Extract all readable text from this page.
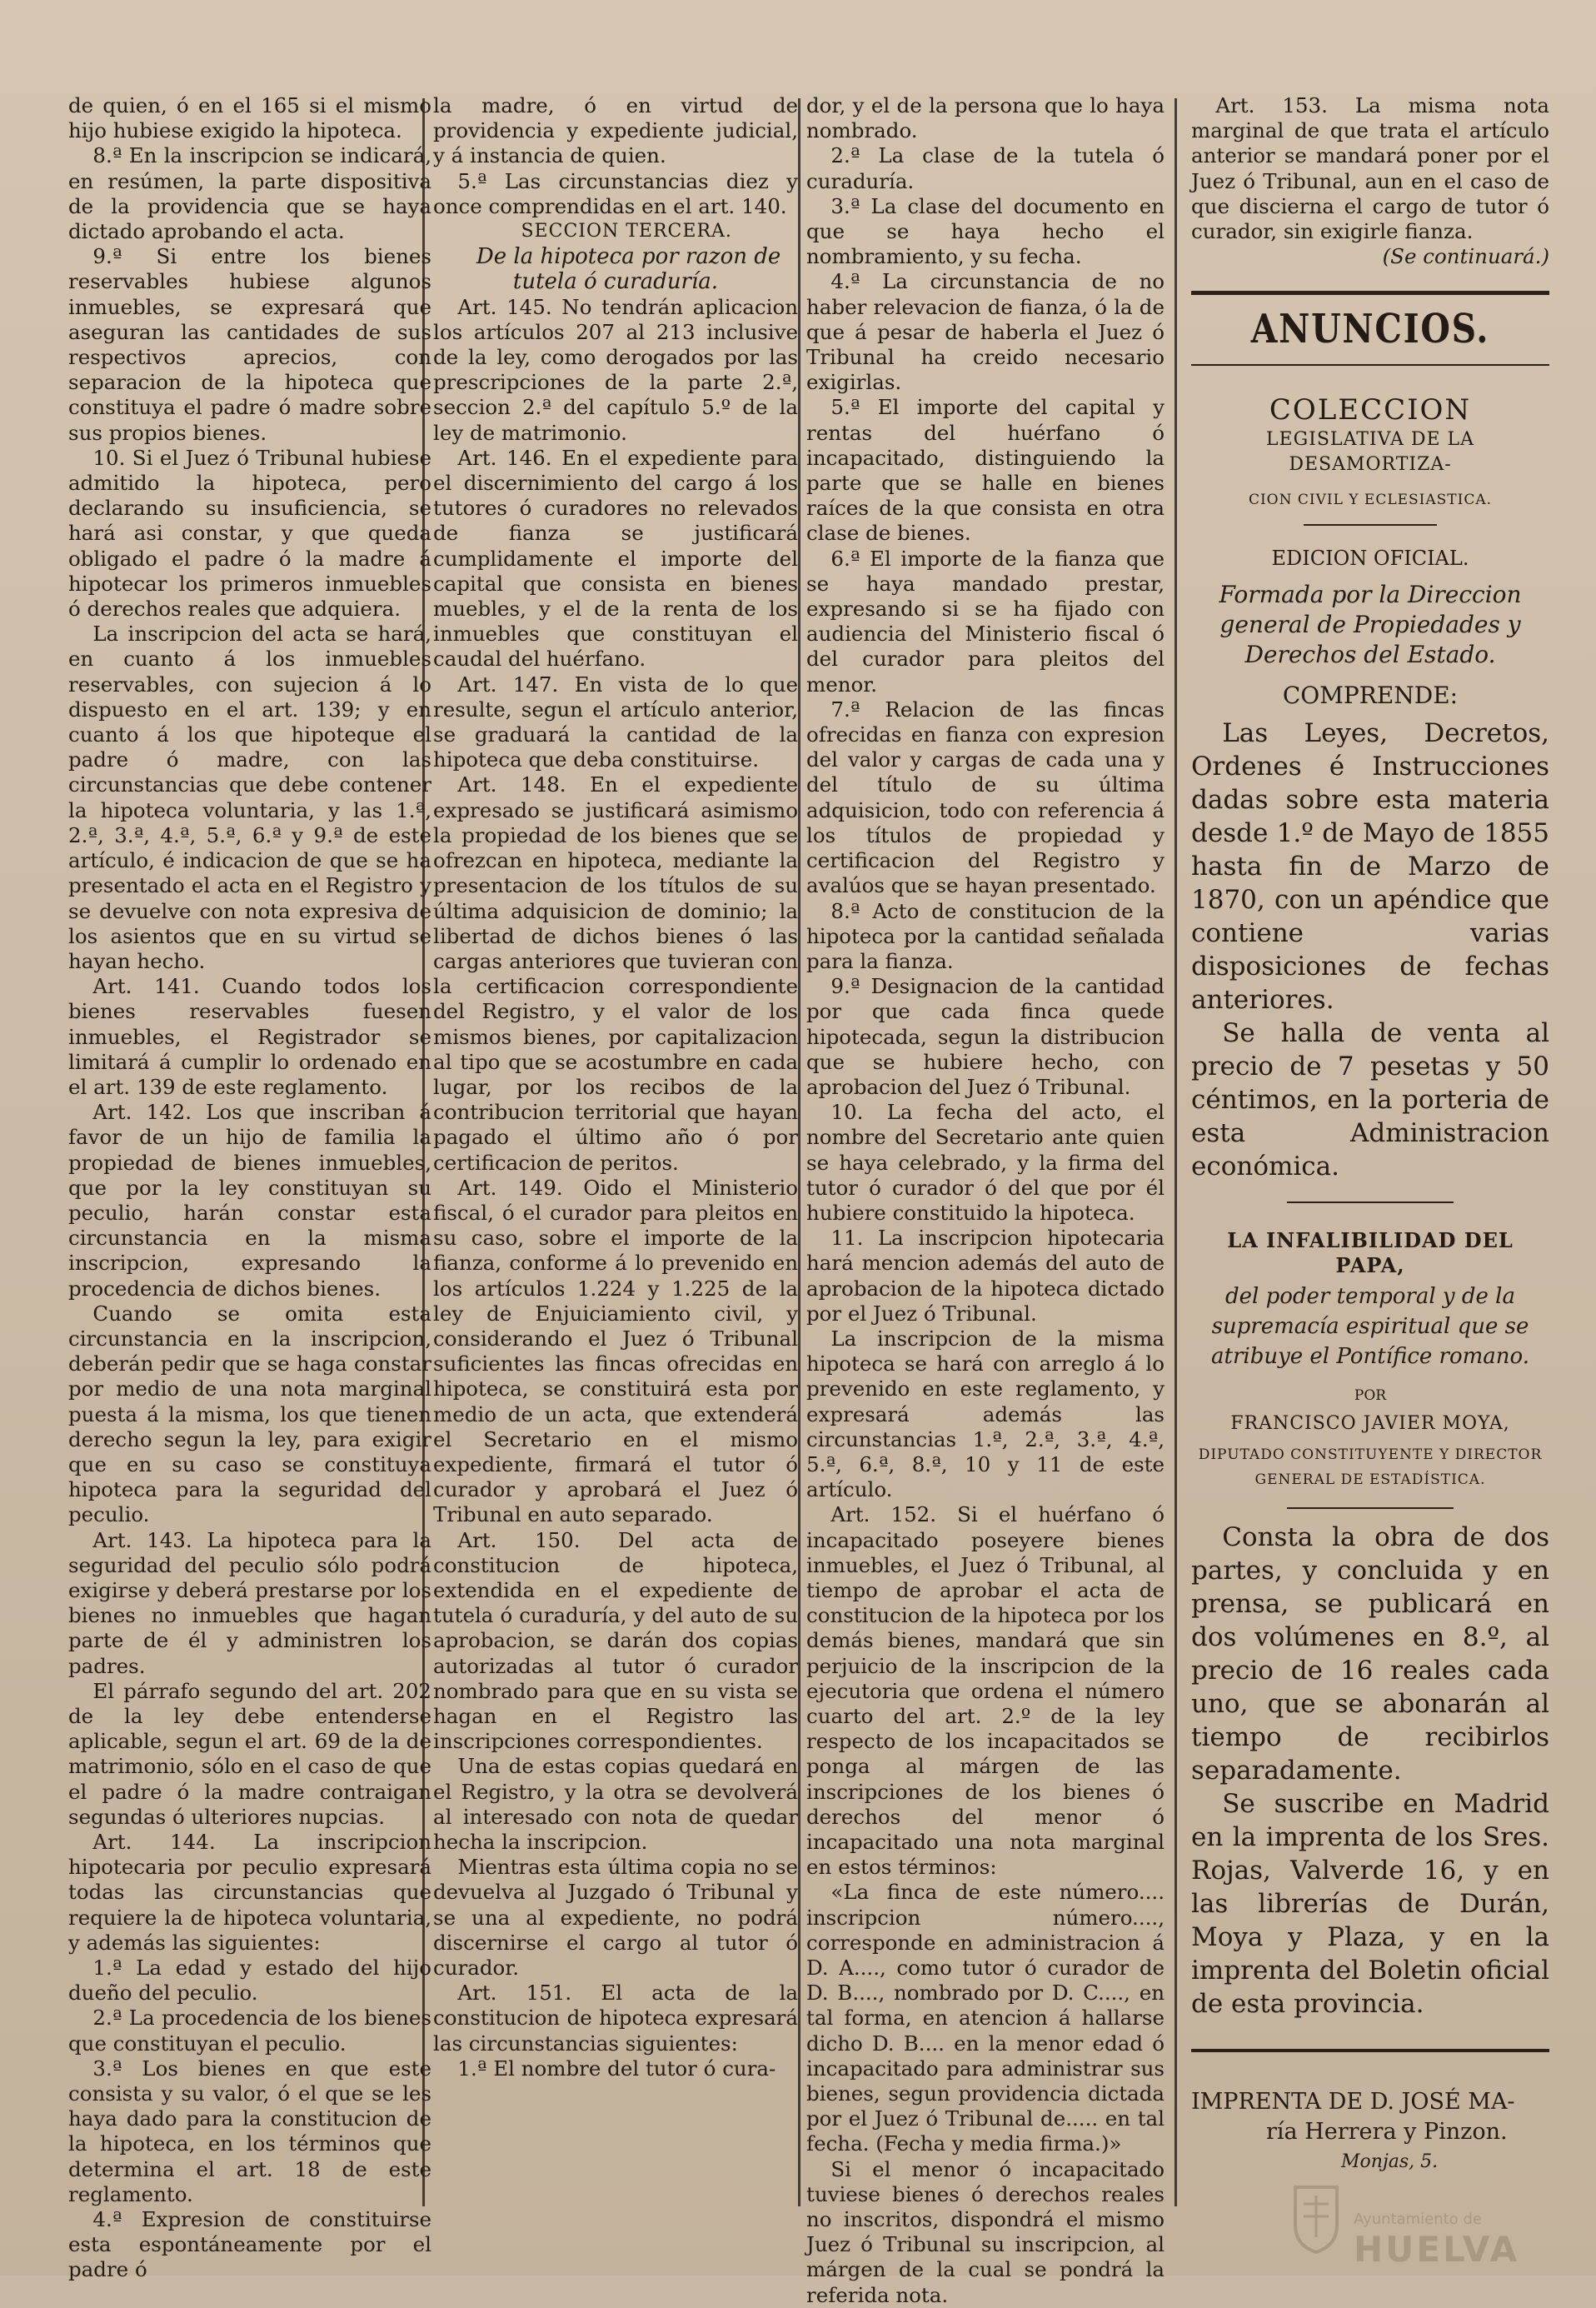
de quien, ó en el 165 si el mismo hijo hubiese exigido la hipoteca.

8.ª En la inscripcion se indicará, en resúmen, la parte dispositiva de la providencia que se haya dictado aprobando el acta.

9.ª Si entre los bienes reservables hubiese algunos inmuebles, se expresará que aseguran las cantidades de sus respectivos aprecios, con separacion de la hipoteca que constituya el padre ó madre sobre sus propios bienes.

10. Si el Juez ó Tribunal hubiese admitido la hipoteca, pero declarando su insuficiencia, se hará asi constar, y que queda obligado el padre ó la madre á hipotecar los primeros inmuebles ó derechos reales que adquiera.

La inscripcion del acta se hará, en cuanto á los inmuebles reservables, con sujecion á lo dispuesto en el art. 139; y en cuanto á los que hipoteque el padre ó madre, con las circunstancias que debe contener la hipoteca voluntaria, y las 1.ª, 2.ª, 3.ª, 4.ª, 5.ª, 6.ª y 9.ª de este artículo, é indicacion de que se ha presentado el acta en el Registro y se devuelve con nota expresiva de los asientos que en su virtud se hayan hecho.

Art. 141. Cuando todos los bienes reservables fuesen inmuebles, el Registrador se limitará á cumplir lo ordenado en el art. 139 de este reglamento.

Art. 142. Los que inscriban á favor de un hijo de familia la propiedad de bienes inmuebles, que por la ley constituyan su peculio, harán constar esta circunstancia en la misma inscripcion, expresando la procedencia de dichos bienes.

Cuando se omita esta circunstancia en la inscripcion, deberán pedir que se haga constar por medio de una nota marginal puesta á la misma, los que tienen derecho segun la ley, para exigir que en su caso se constituya hipoteca para la seguridad del peculio.

Art. 143. La hipoteca para la seguridad del peculio sólo podrá exigirse y deberá prestarse por los bienes no inmuebles que hagan parte de él y administren los padres.

El párrafo segundo del art. 202 de la ley debe entenderse aplicable, segun el art. 69 de la de matrimonio, sólo en el caso de que el padre ó la madre contraigan segundas ó ulteriores nupcias.

Art. 144. La inscripcion hipotecaria por peculio expresará todas las circunstancias que requiere la de hipoteca voluntaria, y además las siguientes:

1.ª La edad y estado del hijo dueño del peculio.

2.ª La procedencia de los bienes que constituyan el peculio.

3.ª Los bienes en que este consista y su valor, ó el que se les haya dado para la constitucion de la hipoteca, en los términos que determina el art. 18 de este reglamento.

4.ª Expresion de constituirse esta espontáneamente por el padre ó

la madre, ó en virtud de providencia y expediente judicial, y á instancia de quien.

5.ª Las circunstancias diez y once comprendidas en el art. 140.

SECCION TERCERA.

De la hipoteca por razon de tutela ó curaduría.

Art. 145. No tendrán aplicacion los artículos 207 al 213 inclusive de la ley, como derogados por las prescripciones de la parte 2.ª, seccion 2.ª del capítulo 5.º de la ley de matrimonio.

Art. 146. En el expediente para el discernimiento del cargo á los tutores ó curadores no relevados de fianza se justificará cumplidamente el importe del capital que consista en bienes muebles, y el de la renta de los inmuebles que constituyan el caudal del huérfano.

Art. 147. En vista de lo que resulte, segun el artículo anterior, se graduará la cantidad de la hipoteca que deba constituirse.

Art. 148. En el expediente expresado se justificará asimismo la propiedad de los bienes que se ofrezcan en hipoteca, mediante la presentacion de los títulos de su última adquisicion de dominio; la libertad de dichos bienes ó las cargas anteriores que tuvieran con la certificacion correspondiente del Registro, y el valor de los mismos bienes, por capitalizacion al tipo que se acostumbre en cada lugar, por los recibos de la contribucion territorial que hayan pagado el último año ó por certificacion de peritos.

Art. 149. Oido el Ministerio fiscal, ó el curador para pleitos en su caso, sobre el importe de la fianza, conforme á lo prevenido en los artículos 1.224 y 1.225 de la ley de Enjuiciamiento civil, y considerando el Juez ó Tribunal suficientes las fincas ofrecidas en hipoteca, se constituirá esta por medio de un acta, que extenderá el Secretario en el mismo expediente, firmará el tutor ó curador y aprobará el Juez ó Tribunal en auto separado.

Art. 150. Del acta de constitucion de hipoteca, extendida en el expediente de tutela ó curaduría, y del auto de su aprobacion, se darán dos copias autorizadas al tutor ó curador nombrado para que en su vista se hagan en el Registro las inscripciones correspondientes.

Una de estas copias quedará en el Registro, y la otra se devolverá al interesado con nota de quedar hecha la inscripcion.

Mientras esta última copia no se devuelva al Juzgado ó Tribunal y se una al expediente, no podrá discernirse el cargo al tutor ó curador.

Art. 151. El acta de la constitucion de hipoteca expresará las circunstancias siguientes:

1.ª El nombre del tutor ó cura-

dor, y el de la persona que lo haya nombrado.

2.ª La clase de la tutela ó curaduría.

3.ª La clase del documento en que se haya hecho el nombramiento, y su fecha.

4.ª La circunstancia de no haber relevacion de fianza, ó la de que á pesar de haberla el Juez ó Tribunal ha creido necesario exigirlas.

5.ª El importe del capital y rentas del huérfano ó incapacitado, distinguiendo la parte que se halle en bienes raíces de la que consista en otra clase de bienes.

6.ª El importe de la fianza que se haya mandado prestar, expresando si se ha fijado con audiencia del Ministerio fiscal ó del curador para pleitos del menor.

7.ª Relacion de las fincas ofrecidas en fianza con expresion del valor y cargas de cada una y del título de su última adquisicion, todo con referencia á los títulos de propiedad y certificacion del Registro y avalúos que se hayan presentado.

8.ª Acto de constitucion de la hipoteca por la cantidad señalada para la fianza.

9.ª Designacion de la cantidad por que cada finca quede hipotecada, segun la distribucion que se hubiere hecho, con aprobacion del Juez ó Tribunal.

10. La fecha del acto, el nombre del Secretario ante quien se haya celebrado, y la firma del tutor ó curador ó del que por él hubiere constituido la hipoteca.

11. La inscripcion hipotecaria hará mencion además del auto de aprobacion de la hipoteca dictado por el Juez ó Tribunal.

La inscripcion de la misma hipoteca se hará con arreglo á lo prevenido en este reglamento, y expresará además las circunstancias 1.ª, 2.ª, 3.ª, 4.ª, 5.ª, 6.ª, 8.ª, 10 y 11 de este artículo.

Art. 152. Si el huérfano ó incapacitado poseyere bienes inmuebles, el Juez ó Tribunal, al tiempo de aprobar el acta de constitucion de la hipoteca por los demás bienes, mandará que sin perjuicio de la inscripcion de la ejecutoria que ordena el número cuarto del art. 2.º de la ley respecto de los incapacitados se ponga al márgen de las inscripciones de los bienes ó derechos del menor ó incapacitado una nota marginal en estos términos:

«La finca de este número.... inscripcion número...., corresponde en administracion á D. A...., como tutor ó curador de D. B...., nombrado por D. C...., en tal forma, en atencion á hallarse dicho D. B.... en la menor edad ó incapacitado para administrar sus bienes, segun providencia dictada por el Juez ó Tribunal de..... en tal fecha. (Fecha y media firma.)»

Si el menor ó incapacitado tuviese bienes ó derechos reales no inscritos, dispondrá el mismo Juez ó Tribunal su inscripcion, al márgen de la cual se pondrá la referida nota.

Art. 153. La misma nota marginal de que trata el artículo anterior se mandará poner por el Juez ó Tribunal, aun en el caso de que discierna el cargo de tutor ó curador, sin exigirle fianza.

(Se continuará.)

ANUNCIOS.
COLECCION
LEGISLATIVA DE LA DESAMORTIZA-
CION CIVIL Y ECLESIASTICA.
EDICION OFICIAL.
Formada por la Direccion general de Propiedades y Derechos del Estado.
COMPRENDE:

Las Leyes, Decretos, Ordenes é Instrucciones dadas sobre esta materia desde 1.º de Mayo de 1855 hasta fin de Marzo de 1870, con un apéndice que contiene varias disposiciones de fechas anteriores.

Se halla de venta al precio de 7 pesetas y 50 céntimos, en la porteria de esta Administracion económica.

LA INFALIBILIDAD DEL PAPA,
del poder temporal y de la supremacía espiritual que se atribuye el Pontífice romano.
POR
FRANCISCO JAVIER MOYA,
DIPUTADO CONSTITUYENTE Y DIRECTOR GENERAL DE ESTADÍSTICA.

Consta la obra de dos partes, y concluida y en prensa, se publicará en dos volúmenes en 8.º, al precio de 16 reales cada uno, que se abonarán al tiempo de recibirlos separadamente.

Se suscribe en Madrid en la imprenta de los Sres. Rojas, Valverde 16, y en las librerías de Durán, Moya y Plaza, y en la imprenta del Boletin oficial de esta provincia.

IMPRENTA DE D. JOSÉ MA-
ría Herrera y Pinzon.
Monjas, 5.
Ayuntamiento de
HUELVA
